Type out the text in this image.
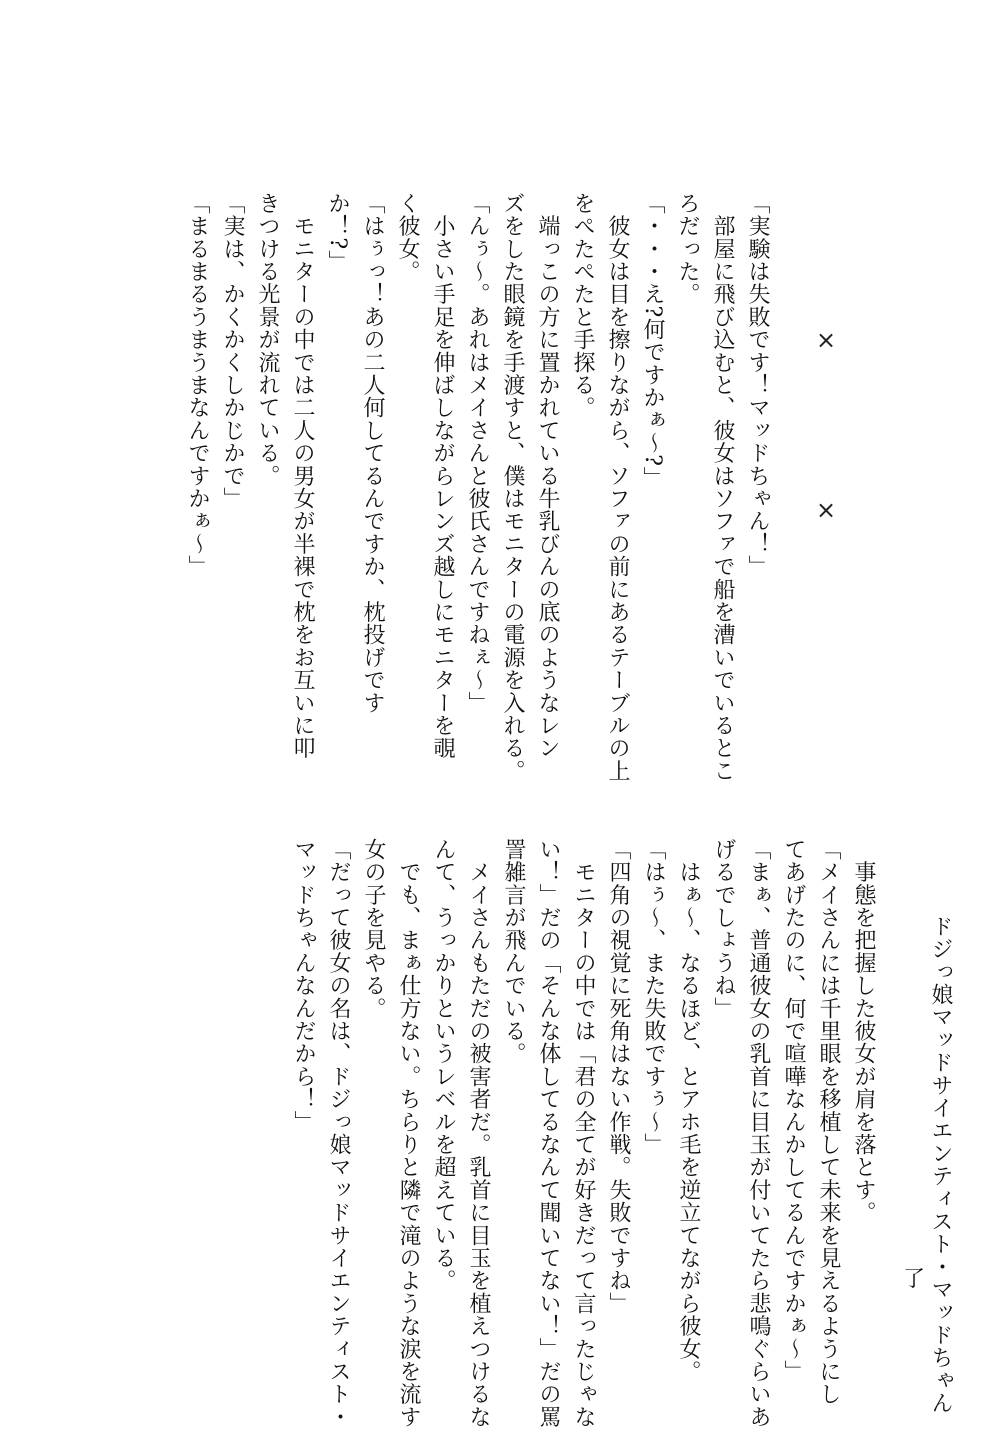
×
×

「実験は失敗です！マッドちゃん！」

　部屋に飛び込むと、彼女はソファで船を漕いでいるとこ

ろだった。

「・・・え?何ですかぁ〜?」

　彼女は目を擦りながら、ソファの前にあるテーブルの上

をぺたぺたと手探る。

　端っこの方に置かれている牛乳びんの底のようなレン

ズをした眼鏡を手渡すと、僕はモニターの電源を入れる。

「んぅ〜。あれはメイさんと彼氏さんですねぇ〜」

　小さい手足を伸ばしながらレンズ越しにモニターを覗

く彼女。

「はぅっ！あの二人何してるんですか、枕投げです

か！?」

　モニターの中では二人の男女が半裸で枕をお互いに叩

きつける光景が流れている。

「実は、かくかくしかじかで」

「まるまるうまうまなんですかぁ〜」

　事態を把握した彼女が肩を落とす。

「メイさんには千里眼を移植して未来を見えるようにし

てあげたのに、何で喧嘩なんかしてるんですかぁ〜」

「まぁ、普通彼女の乳首に目玉が付いてたら悲鳴ぐらいあ

げるでしょうね」

　はぁ〜、なるほど、とアホ毛を逆立てながら彼女。

「はぅ〜、また失敗ですぅ〜」

「四角の視覚に死角はない作戦。失敗ですね」

　モニターの中では「君の全てが好きだって言ったじゃな

い！」だの「そんな体してるなんて聞いてない！」だの罵

詈雑言が飛んでいる。

　メイさんもただの被害者だ。乳首に目玉を植えつけるな

んて、うっかりというレベルを超えている。

　でも、まぁ仕方ない。ちらりと隣で滝のような涙を流す

女の子を見やる。

「だって彼女の名は、ドジっ娘マッドサイエンティスト・

マッドちゃんなんだから！」	ドジっ娘マッドサイエンティスト・マッドちゃん

了
